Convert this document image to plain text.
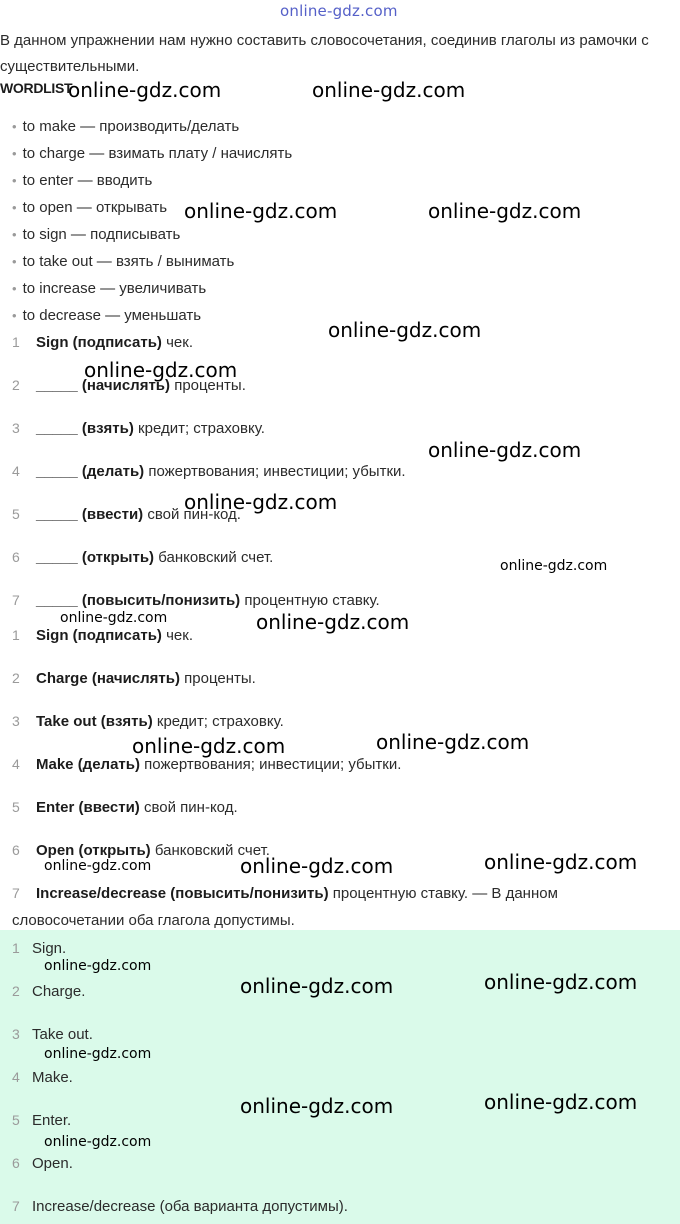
online-gdz.com
В данном упражнении нам нужно составить словосочетания, соединив глаголы из рамочки с существительными.
WORDLIST
• to make — производить/делать
• to charge — взимать плату / начислять
• to enter — вводить
• to open — открывать
• to sign — подписывать
• to take out — взять / вынимать
• to increase — увеличивать
• to decrease — уменьшать
1 Sign (подписать) чек.
2 _____ (начислять) проценты.
3 _____ (взять) кредит; страховку.
4 _____ (делать) пожертвования; инвестиции; убытки.
5 _____ (ввести) свой пин-код.
6 _____ (открыть) банковский счет.
7 _____ (повысить/понизить) процентную ставку.
1 Sign (подписать) чек.
2 Charge (начислять) проценты.
3 Take out (взять) кредит; страховку.
4 Make (делать) пожертвования; инвестиции; убытки.
5 Enter (ввести) свой пин-код.
6 Open (открыть) банковский счет.
7 Increase/decrease (повысить/понизить) процентную ставку. — В данном
словосочетании оба глагола допустимы.
1 Sign.
2 Charge.
3 Take out.
4 Make.
5 Enter.
6 Open.
7 Increase/decrease (оба варианта допустимы).
online-gdz.com	online-gdz.com
online-gdz.com	online-gdz.com
online-gdz.com
online-gdz.com
online-gdz.com
online-gdz.com
online-gdz.com
online-gdz.com	online-gdz.com
online-gdz.com	online-gdz.com
online-gdz.com	online-gdz.com	online-gdz.com
online-gdz.com
online-gdz.com	online-gdz.com
online-gdz.com
online-gdz.com	online-gdz.com
online-gdz.com
